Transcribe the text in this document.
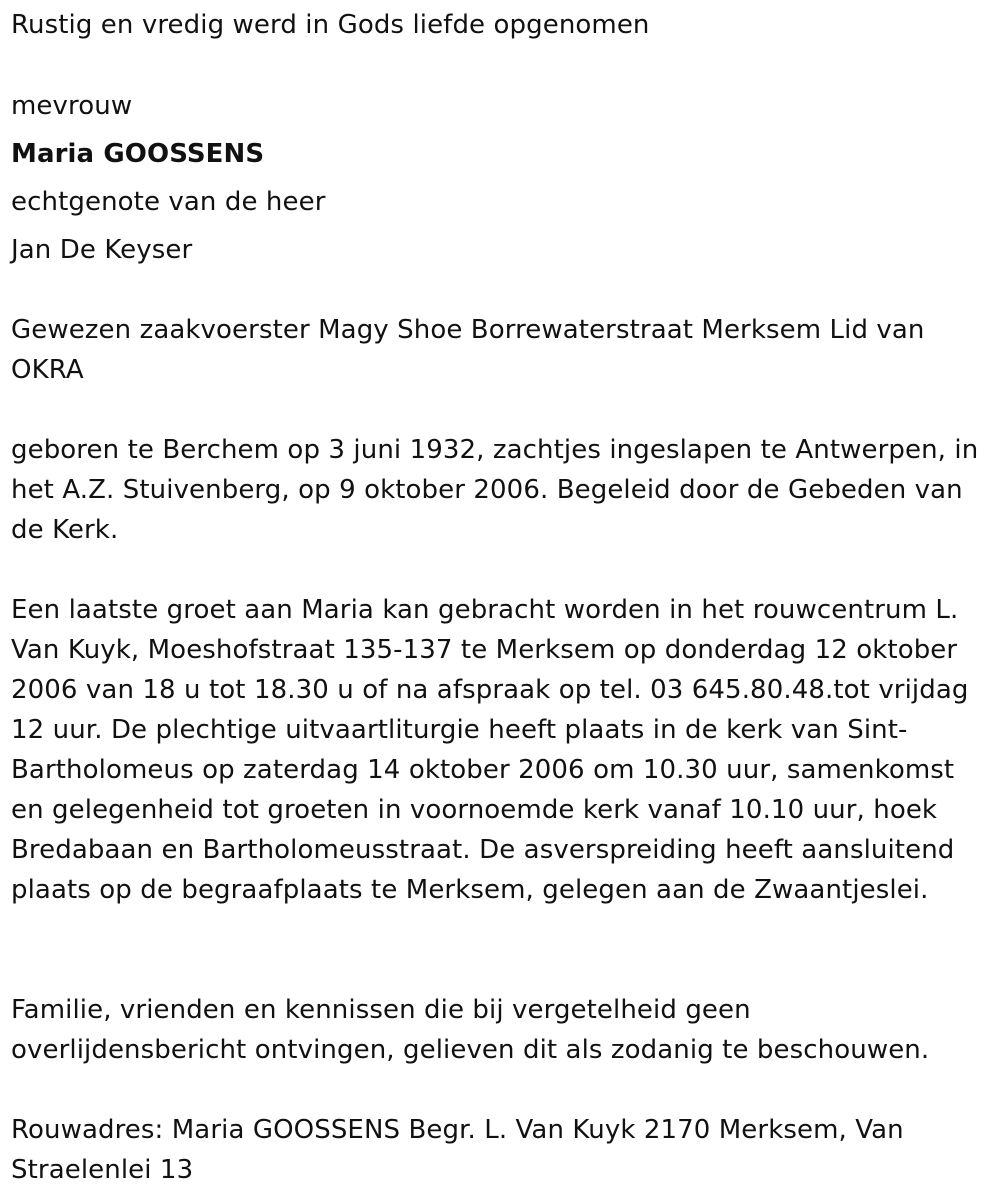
Rustig en vredig werd in Gods liefde opgenomen
mevrouw
Maria GOOSSENS
echtgenote van de heer
Jan De Keyser
Gewezen zaakvoerster Magy Shoe Borrewaterstraat Merksem Lid van OKRA
geboren te Berchem op 3 juni 1932, zachtjes ingeslapen te Antwerpen, in het A.Z. Stuivenberg, op 9 oktober 2006. Begeleid door de Gebeden van de Kerk.
Een laatste groet aan Maria kan gebracht worden in het rouwcentrum L. Van Kuyk, Moeshofstraat 135-137 te Merksem op donderdag 12 oktober 2006 van 18 u tot 18.30 u of na afspraak op tel. 03 645.80.48.tot vrijdag 12 uur. De plechtige uitvaartliturgie heeft plaats in de kerk van Sint-Bartholomeus op zaterdag 14 oktober 2006 om 10.30 uur, samenkomst en gelegenheid tot groeten in voornoemde kerk vanaf 10.10 uur, hoek Bredabaan en Bartholomeusstraat. De asverspreiding heeft aansluitend plaats op de begraafplaats te Merksem, gelegen aan de Zwaantjeslei.
Familie, vrienden en kennissen die bij vergetelheid geen overlijdensbericht ontvingen, gelieven dit als zodanig te beschouwen.
Rouwadres: Maria GOOSSENS Begr. L. Van Kuyk 2170 Merksem, Van Straelenlei 13
